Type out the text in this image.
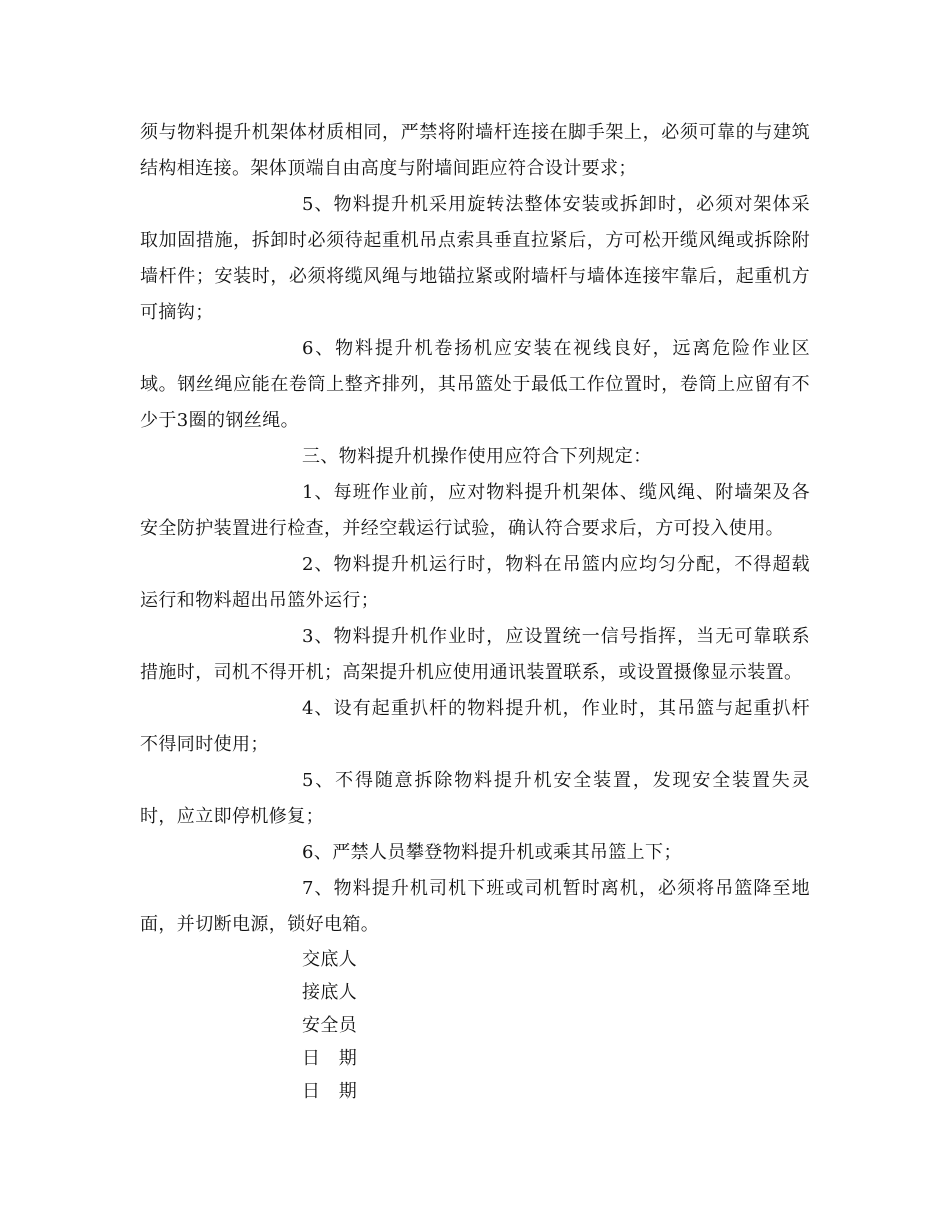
须与物料提升机架体材质相同，严禁将附墙杆连接在脚手架上，必须可靠的与建筑结构相连接。架体顶端自由高度与附墙间距应符合设计要求；

5、物料提升机采用旋转法整体安装或拆卸时，必须对架体采取加固措施，拆卸时必须待起重机吊点索具垂直拉紧后，方可松开缆风绳或拆除附墙杆件；安装时，必须将缆风绳与地锚拉紧或附墙杆与墙体连接牢靠后，起重机方可摘钩；

6、物料提升机卷扬机应安装在视线良好，远离危险作业区域。钢丝绳应能在卷筒上整齐排列，其吊篮处于最低工作位置时，卷筒上应留有不少于3圈的钢丝绳。

三、物料提升机操作使用应符合下列规定：

1、每班作业前，应对物料提升机架体、缆风绳、附墙架及各安全防护装置进行检查，并经空载运行试验，确认符合要求后，方可投入使用。

2、物料提升机运行时，物料在吊篮内应均匀分配，不得超载运行和物料超出吊篮外运行；

3、物料提升机作业时，应设置统一信号指挥，当无可靠联系措施时，司机不得开机；高架提升机应使用通讯装置联系，或设置摄像显示装置。

4、设有起重扒杆的物料提升机，作业时，其吊篮与起重扒杆不得同时使用；

5、不得随意拆除物料提升机安全装置，发现安全装置失灵时，应立即停机修复；

6、严禁人员攀登物料提升机或乘其吊篮上下；

7、物料提升机司机下班或司机暂时离机，必须将吊篮降至地面，并切断电源，锁好电箱。

交底人

接底人

安全员

日　期

日　期
